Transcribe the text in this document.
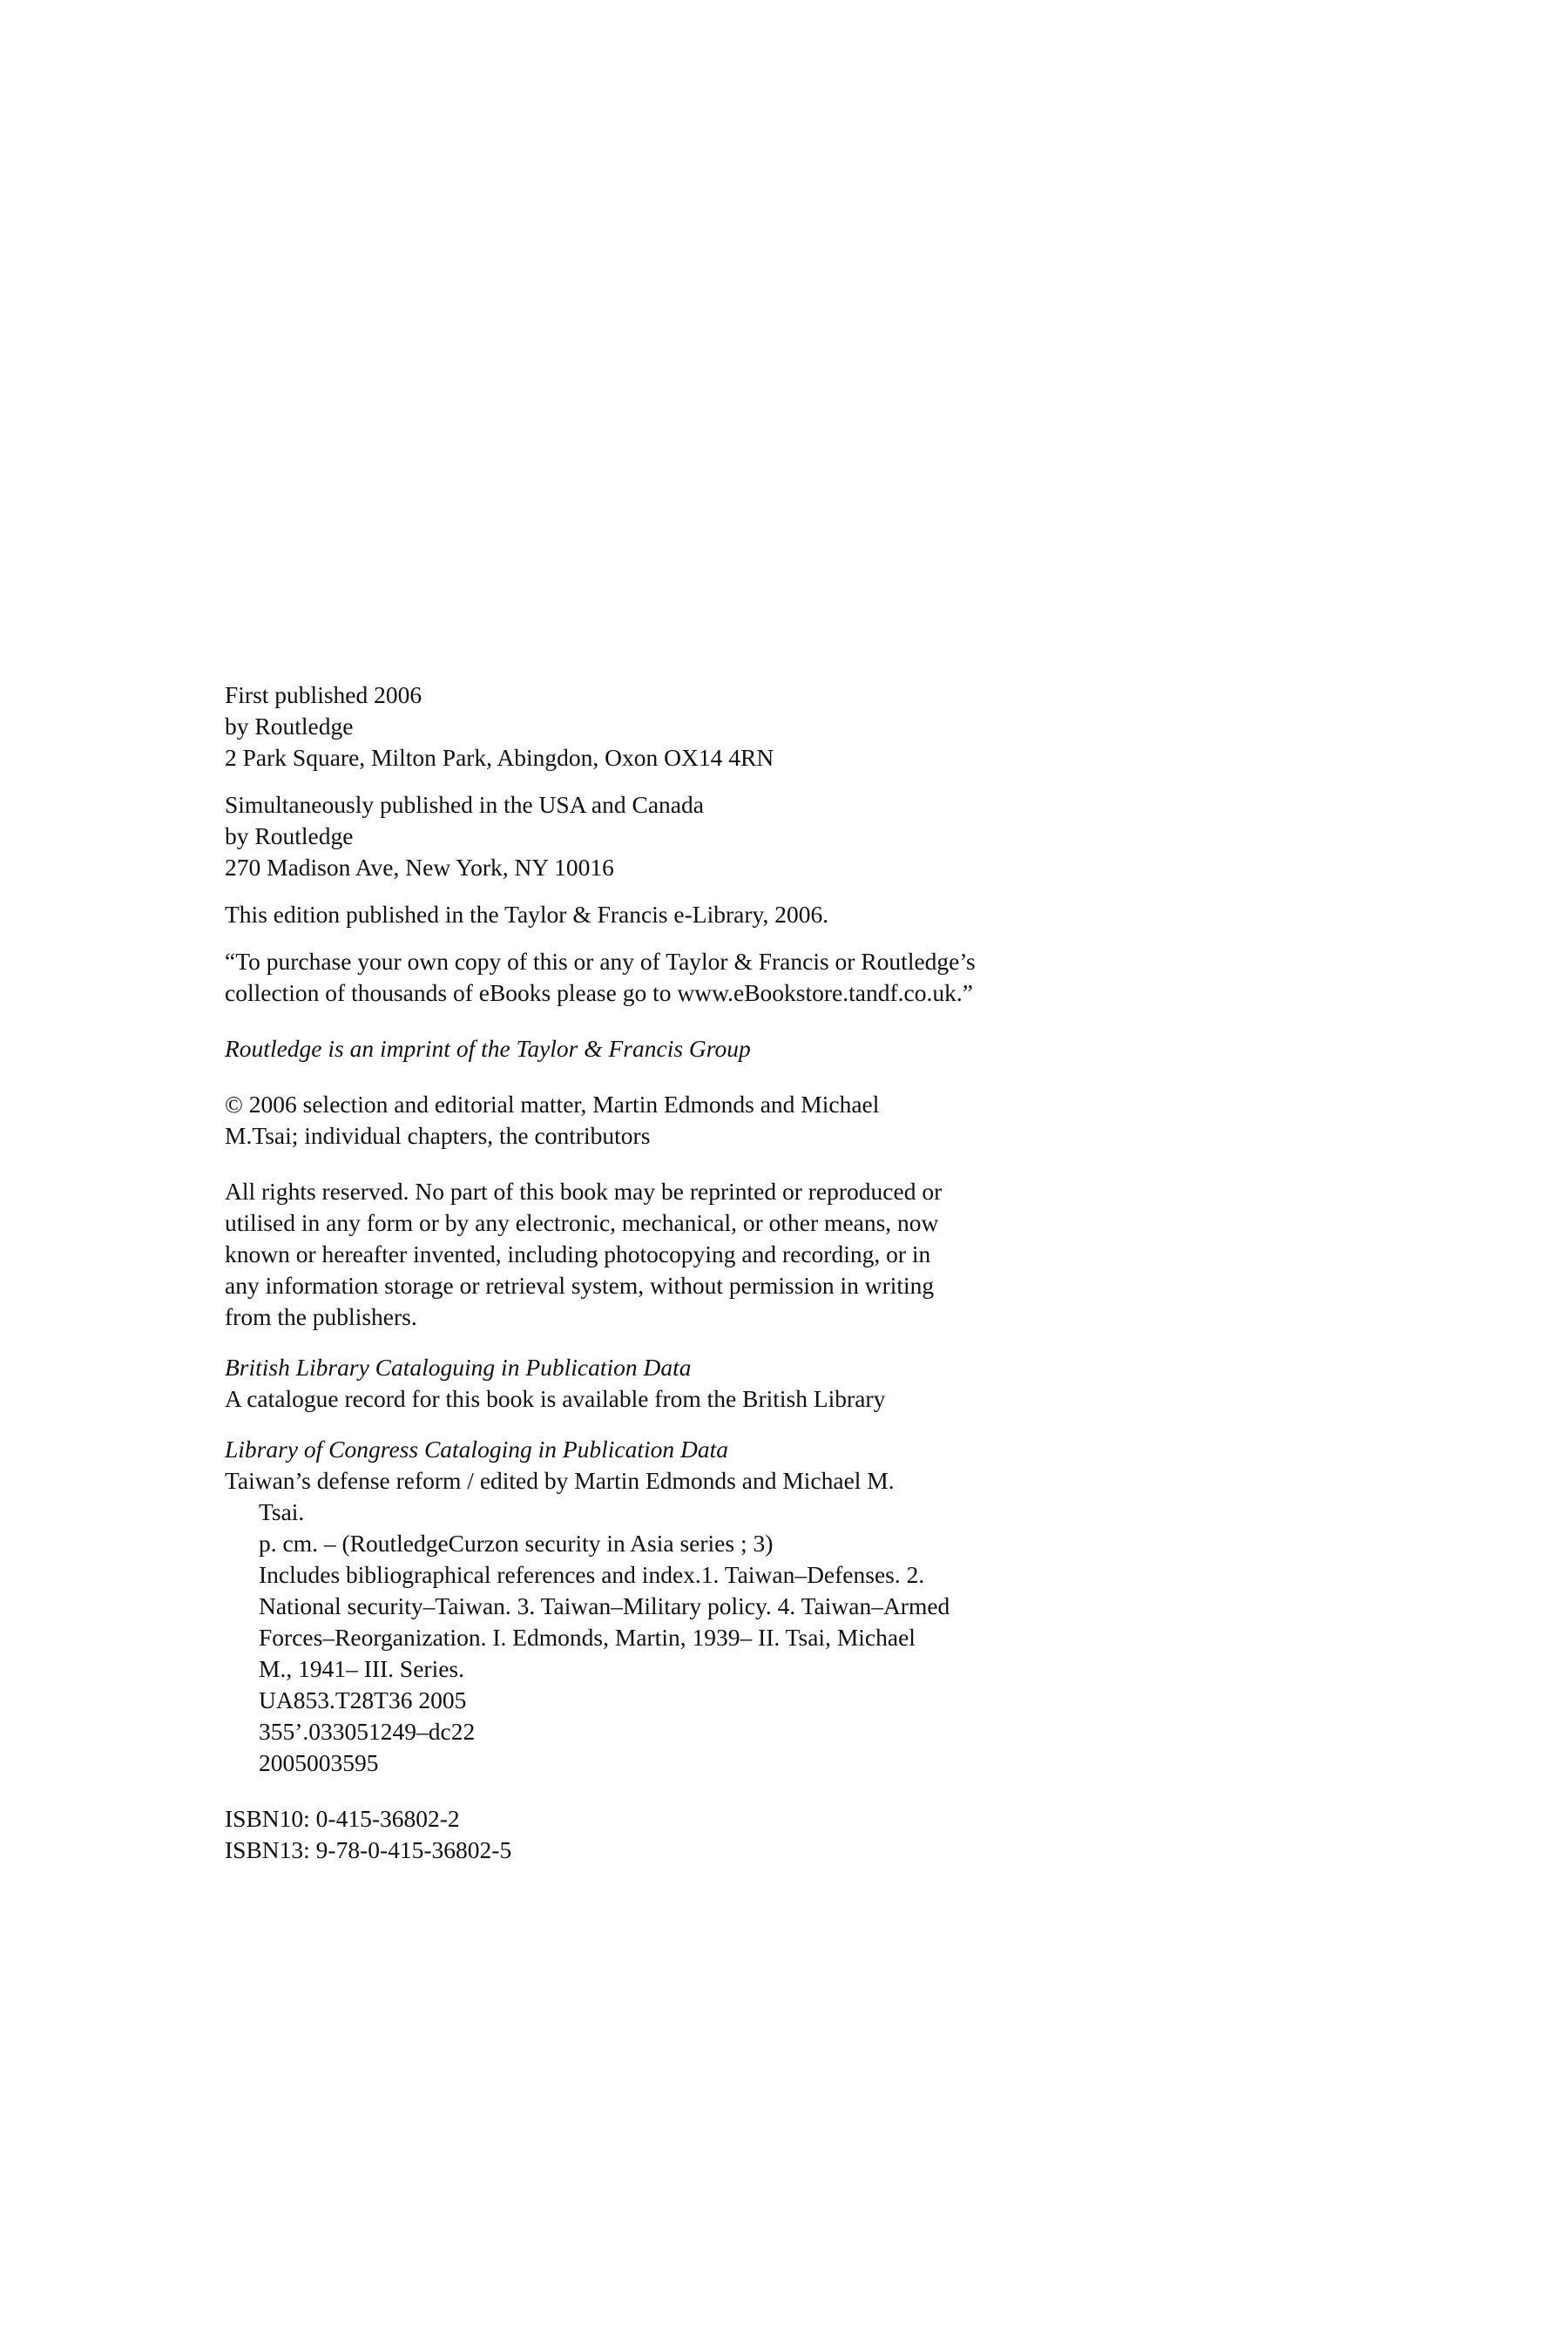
First published 2006
by Routledge
2 Park Square, Milton Park, Abingdon, Oxon OX14 4RN
Simultaneously published in the USA and Canada
by Routledge
270 Madison Ave, New York, NY 10016
This edition published in the Taylor & Francis e-Library, 2006.
“To purchase your own copy of this or any of Taylor & Francis or Routledge’s
collection of thousands of eBooks please go to www.eBookstore.tandf.co.uk.”
Routledge is an imprint of the Taylor & Francis Group
© 2006 selection and editorial matter, Martin Edmonds and Michael
M.Tsai; individual chapters, the contributors
All rights reserved. No part of this book may be reprinted or reproduced or
utilised in any form or by any electronic, mechanical, or other means, now
known or hereafter invented, including photocopying and recording, or in
any information storage or retrieval system, without permission in writing
from the publishers.
British Library Cataloguing in Publication Data
A catalogue record for this book is available from the British Library
Library of Congress Cataloging in Publication Data
Taiwan’s defense reform / edited by Martin Edmonds and Michael M.
Tsai.
p. cm. – (RoutledgeCurzon security in Asia series ; 3)
Includes bibliographical references and index.1. Taiwan–Defenses. 2.
National security–Taiwan. 3. Taiwan–Military policy. 4. Taiwan–Armed
Forces–Reorganization. I. Edmonds, Martin, 1939– II. Tsai, Michael
M., 1941– III. Series.
UA853.T28T36 2005
355’.033051249–dc22
2005003595
ISBN10: 0-415-36802-2
ISBN13: 9-78-0-415-36802-5
